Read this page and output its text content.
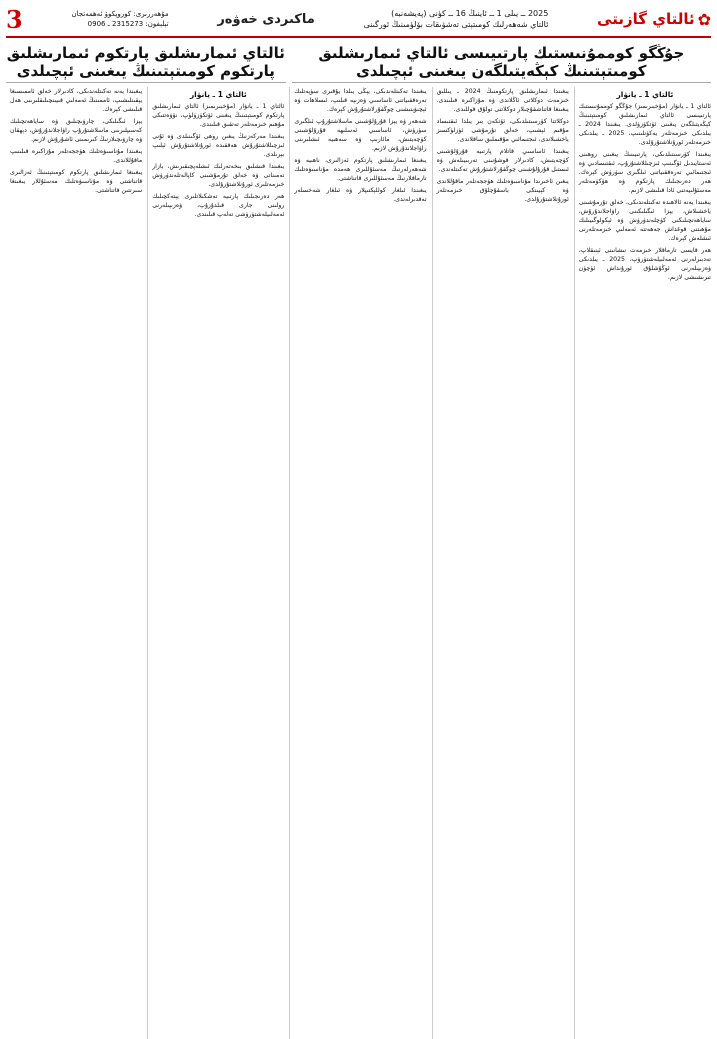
✿
ئالتاي گازىتى
2025 ــ يىلى 1 ــ ئاينىڭ 16 ــ كۈنى (پەيشەنبە)
ئالتاي شەھەرلىك كومىتېتى تەشۋىقات بۆلۈمىنىڭ ئورگىنى
ماكىردى خەۋەر
مۇھەررىرى: كوروپكوۋ ئەھمەتجان
تېلېفون: 2315273 ـ 0906
3
جۇڭگو كوممۇنىستىك پارتىيىسى ئالتاي ئىمارىشلىق كومىتېتىنىڭ كېڭەيتىلگەن يىغىنى ئېچىلدى
ئالتاي ئىمارىشلىق پارتكوم ئىمارىشلىق پارتكوم كومىتېتىنىڭ يىغىنى ئېچىلدى
ئالتاي 1 ـ يانۋار

ئالتاي 1 ـ يانۋار (مۇخبىرىمىز) جۇڭگو كوممۇنىستىك پارتىيىسى ئالتاي ئىمارىشلىق كومىتېتىنىڭ كېڭەيتىلگەن يىغىنى ئۆتكۈزۈلدى. يىغىندا 2024 ـ يىلدىكى خىزمەتلەر يەكۈنلىنىپ، 2025 ـ يىلدىكى خىزمەتلەر ئورۇنلاشتۇرۇلدى.

يىغىندا كۆرسىتىلدىكى، پارتىيىنىڭ يىغىنى روھىنى ئەستايىدىل ئۆگىنىپ ئىزچىللاشتۇرۇپ، ئىقتىسادىي ۋە ئىجتىمائىي تەرەققىياتنى ئىلگىرى سۈرۈش كېرەك. ھەر دەرىجىلىك پارتكوم ۋە ھۆكۈمەتلەر مەسئۇلىيەتنى ئادا قىلىشى لازىم.

يىغىندا يەنە ئالاھىدە تەكىتلەندىكى، خەلق تۇرمۇشىنى ياخشىلاش، يېزا ئىگىلىكىنى راۋاجلاندۇرۇش، ساياھەتچىلىكنى كۈچلەندۈرۈش ۋە ئېكولوگىيىلىك مۇھىتنى قوغداش جەھەتتە ئەمەلىي خىزمەتلەرنى ئىشلەش كېرەك.

ھەر قايسى تارماقلار خىزمەت نىشانىنى ئېنىقلاپ، تەدبىرلەرنى ئەمەلىيلەشتۈرۈپ، 2025 ـ يىلدىكى ۋەزىپىلەرنى ئوڭۇشلۇق ئورۇنداش ئۈچۈن تىرىشىشى لازىم.

يىغىندا ئىمارىشلىق پارتكومنىڭ 2024 ـ يىللىق خىزمەت دوكلاتى ئاڭلاندى ۋە مۇزاكىرە قىلىندى. يىغىنغا قاتناشقۇچىلار دوكلاتنى تولۇق قوللىدى.

دوكلاتتا كۆرسىتىلدىكى، ئۆتكەن بىر يىلدا ئىقتىساد مۇقىم ئېشىپ، خەلق تۇرمۇشى ئۈزلۈكسىز ياخشىلاندى، ئىجتىمائىي مۇقىملىق ساقلاندى.

يىغىندا ئاساسىي قاتلام پارتىيە قۇرۇلۇشىنى كۈچەيتىش، كادىرلار قوشۇنىنى تەربىيىلەش ۋە ئىستىل قۇرۇلۇشىنى چوڭقۇرلاشتۇرۇش تەكىتلەندى.

يىغىن ئاخىرىدا مۇناسىۋەتلىك ھۆججەتلەر ماقۇللاندى ۋە كېيىنكى باسقۇچلۇق خىزمەتلەر ئورۇنلاشتۇرۇلدى.

يىغىندا تەكىتلەندىكى، يېڭى يىلدا يۇقىرى سۈپەتلىك تەرەققىياتنى ئاساسىي ۋەزىپە قىلىپ، ئىسلاھات ۋە ئېچىۋېتىشنى چوڭقۇرلاشتۇرۇش كېرەك.

شەھەر ۋە يېزا قۇرۇلۇشىنى ماسلاشتۇرۇپ ئىلگىرى سۈرۈش، ئاساسىي ئەسلىھە قۇرۇلۇشىنى كۈچەيتىش، مائارىپ ۋە سەھىيە ئىشلىرىنى راۋاجلاندۇرۇش لازىم.

يىغىنغا ئىمارىشلىق پارتكوم ئەزالىرى، ناھىيە ۋە شەھەرلەرنىڭ مەسئۇللىرى ھەمدە مۇناسىۋەتلىك تارماقلارنىڭ مەسئۇللىرى قاتناشتى.

يىغىندا ئىلغار كوللېكتىپلار ۋە ئىلغار شەخسلەر تەقدىرلەندى.

ئالتاي 1 ـ يانۋار

ئالتاي 1 ـ يانۋار (مۇخبىرىمىز) ئالتاي ئىمارىشلىق پارتكوم كومىتېتىنىڭ يىغىنى ئۆتكۈزۈلۈپ، نۆۋەتتىكى مۇھىم خىزمەتلەر تەتقىق قىلىندى.

يىغىندا مەركەزنىڭ يىغىن روھى ئۆگىنىلدى ۋە ئۇنى ئىزچىللاشتۇرۇش ھەققىدە ئورۇنلاشتۇرۇش ئېلىپ بېرىلدى.

يىغىندا قىشلىق بىخەتەرلىك ئىشلەپچىقىرىش، بازار تەمىناتى ۋە خەلق تۇرمۇشىنى كاپالەتلەندۈرۈش خىزمەتلىرى ئورۇنلاشتۇرۇلدى.

ھەر دەرىجىلىك پارتىيە تەشكىلاتلىرى يېتەكچىلىك رولىنى جارى قىلدۇرۇپ، ۋەزىپىلەرنى ئەمەلىيلەشتۈرۈشى تەلەپ قىلىندى.

يىغىندا يەنە تەكىتلەندىكى، كادىرلار خەلق ئاممىسىغا يېقىنلىشىپ، ئاممىنىڭ ئەمەلىي قىيىنچىلىقلىرىنى ھەل قىلىشى كېرەك.

يېزا ئىگىلىكى، چارۋىچىلىق ۋە ساياھەتچىلىك كەسىپلىرىنى ماسلاشتۇرۇپ راۋاجلاندۇرۇش، دېھقان ۋە چارۋىچىلارنىڭ كىرىمىنى ئاشۇرۇش لازىم.

يىغىندا مۇناسىۋەتلىك ھۆججەتلەر مۇزاكىرە قىلىنىپ ماقۇللاندى.

يىغىنغا ئىمارىشلىق پارتكوم كومىتېتىنىڭ ئەزالىرى قاتناشتى ۋە مۇناسىۋەتلىك مەسئۇللار يىغىنغا سىرتتىن قاتناشتى.
